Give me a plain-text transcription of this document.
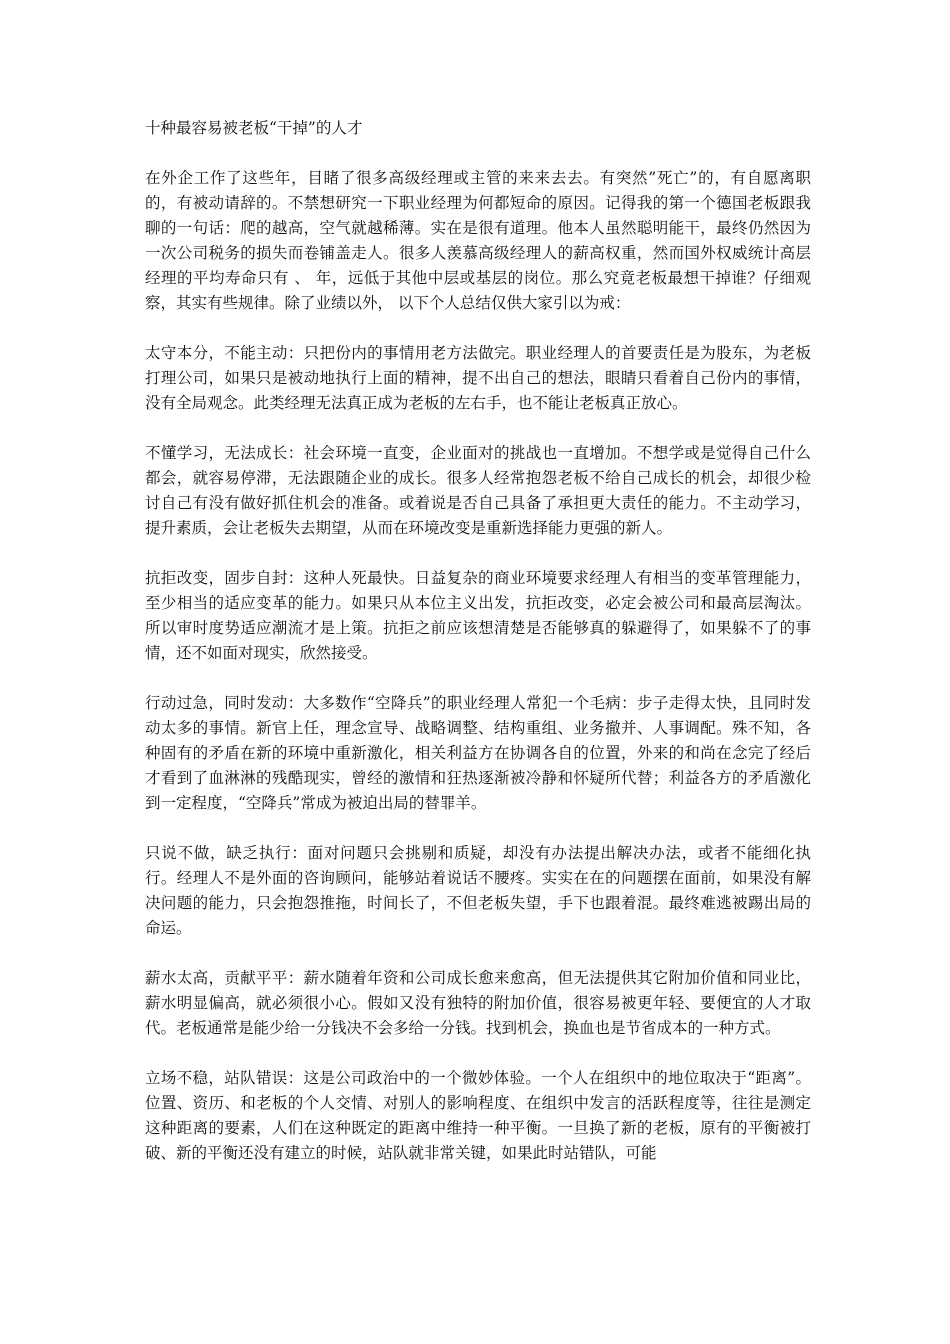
十种最容易被老板“干掉”的人才

在外企工作了这些年，目睹了很多高级经理或主管的来来去去。有突然”死亡”的，有自愿离职的，有被动请辞的。不禁想研究一下职业经理为何都短命的原因。记得我的第一个德国老板跟我聊的一句话：爬的越高，空气就越稀薄。实在是很有道理。他本人虽然聪明能干，最终仍然因为一次公司税务的损失而卷铺盖走人。很多人羡慕高级经理人的薪高权重，然而国外权威统计高层经理的平均寿命只有 、 年，远低于其他中层或基层的岗位。那么究竟老板最想干掉谁？仔细观察，其实有些规律。除了业绩以外， 以下个人总结仅供大家引以为戒：

太守本分，不能主动：只把份内的事情用老方法做完。职业经理人的首要责任是为股东，为老板打理公司，如果只是被动地执行上面的精神，提不出自己的想法，眼睛只看着自己份内的事情，没有全局观念。此类经理无法真正成为老板的左右手，也不能让老板真正放心。

不懂学习，无法成长：社会环境一直变，企业面对的挑战也一直增加。不想学或是觉得自己什么都会，就容易停滞，无法跟随企业的成长。很多人经常抱怨老板不给自己成长的机会，却很少检讨自己有没有做好抓住机会的准备。或着说是否自己具备了承担更大责任的能力。不主动学习，提升素质，会让老板失去期望，从而在环境改变是重新选择能力更强的新人。

抗拒改变，固步自封：这种人死最快。日益复杂的商业环境要求经理人有相当的变革管理能力，至少相当的适应变革的能力。如果只从本位主义出发，抗拒改变，必定会被公司和最高层淘汰。所以审时度势适应潮流才是上策。抗拒之前应该想清楚是否能够真的躲避得了，如果躲不了的事情，还不如面对现实，欣然接受。

行动过急，同时发动：大多数作“空降兵”的职业经理人常犯一个毛病：步子走得太快，且同时发动太多的事情。新官上任，理念宣导、战略调整、结构重组、业务撤并、人事调配。殊不知，各种固有的矛盾在新的环境中重新激化，相关利益方在协调各自的位置，外来的和尚在念完了经后才看到了血淋淋的残酷现实，曾经的激情和狂热逐渐被冷静和怀疑所代替；利益各方的矛盾激化到一定程度，“空降兵”常成为被迫出局的替罪羊。

只说不做，缺乏执行：面对问题只会挑剔和质疑，却没有办法提出解决办法，或者不能细化执行。经理人不是外面的咨询顾问，能够站着说话不腰疼。实实在在的问题摆在面前，如果没有解决问题的能力，只会抱怨推拖，时间长了，不但老板失望，手下也跟着混。最终难逃被踢出局的命运。

薪水太高，贡献平平：薪水随着年资和公司成长愈来愈高，但无法提供其它附加价值和同业比，薪水明显偏高，就必须很小心。假如又没有独特的附加价值，很容易被更年轻、要便宜的人才取代。老板通常是能少给一分钱决不会多给一分钱。找到机会，换血也是节省成本的一种方式。

立场不稳，站队错误：这是公司政治中的一个微妙体验。一个人在组织中的地位取决于“距离”。位置、资历、和老板的个人交情、对别人的影响程度、在组织中发言的活跃程度等，往往是测定这种距离的要素，人们在这种既定的距离中维持一种平衡。一旦换了新的老板，原有的平衡被打破、新的平衡还没有建立的时候，站队就非常关键，如果此时站错队，可能
